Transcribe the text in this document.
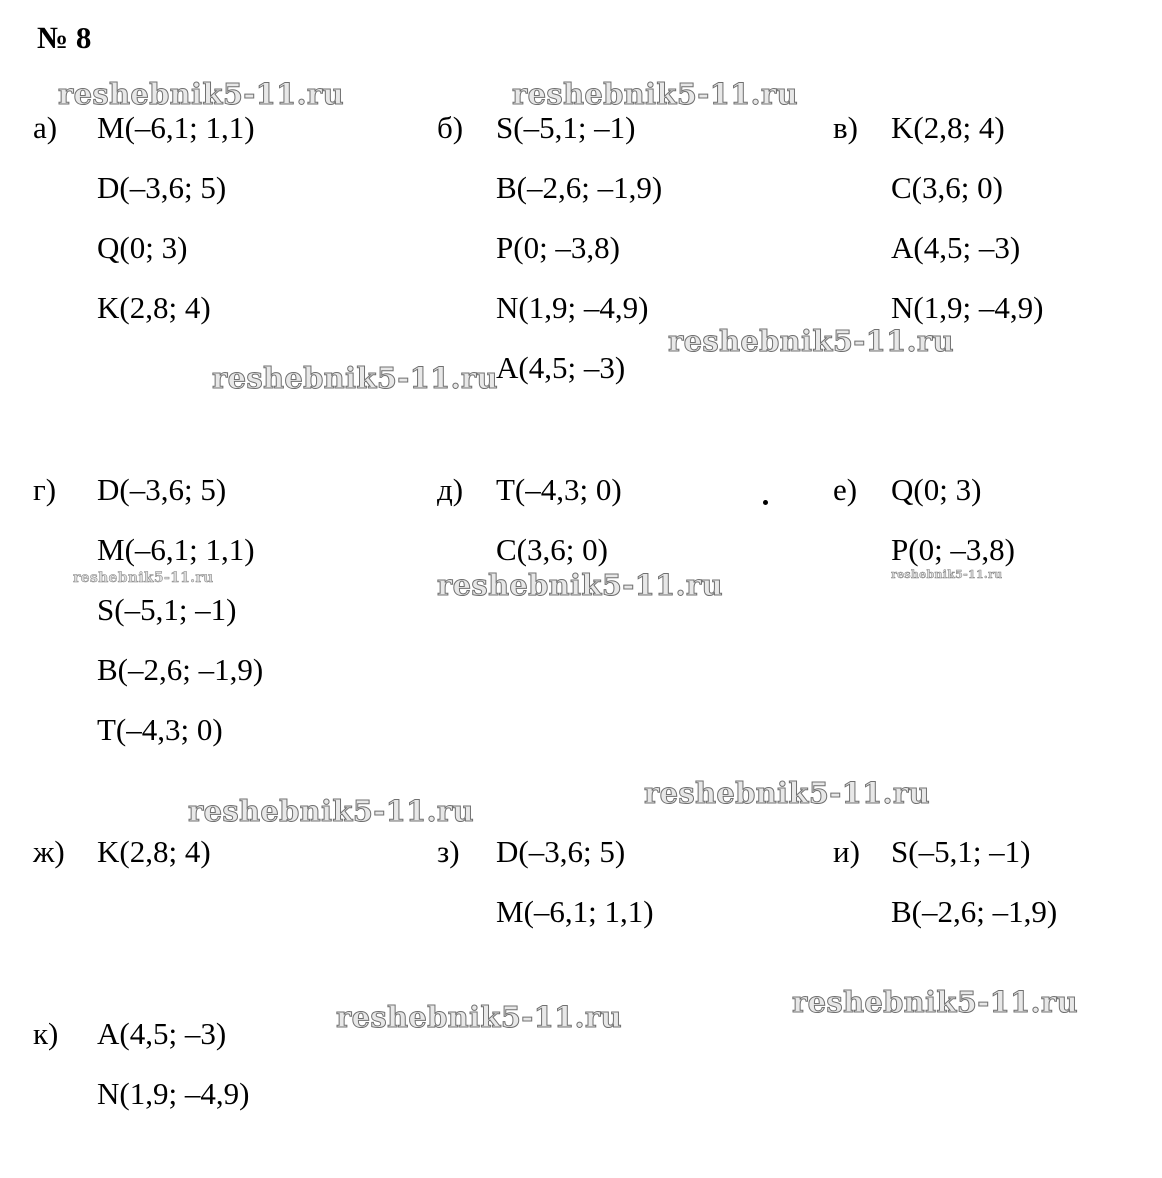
№ 8
reshebnik5-11.ru	reshebnik5-11.ru
reshebnik5-11.ru
reshebnik5-11.ru
reshebnik5-11.ru	reshebnik5-11.ru	reshebnik5-11.ru
reshebnik5-11.ru
reshebnik5-11.ru
reshebnik5-11.ru
reshebnik5-11.ru
а) M(–6,1; 1,1)
D(–3,6; 5)
Q(0; 3)
K(2,8; 4)
б) S(–5,1; –1)
B(–2,6; –1,9)
P(0; –3,8)
N(1,9; –4,9)
A(4,5; –3)
в) K(2,8; 4)
C(3,6; 0)
A(4,5; –3)
N(1,9; –4,9)
г) D(–3,6; 5)
M(–6,1; 1,1)
S(–5,1; –1)
B(–2,6; –1,9)
T(–4,3; 0)
д) T(–4,3; 0)
C(3,6; 0)
е) Q(0; 3)
P(0; –3,8)
ж) K(2,8; 4)	з) D(–3,6; 5)
M(–6,1; 1,1)
и) S(–5,1; –1)
B(–2,6; –1,9)
к) A(4,5; –3)
N(1,9; –4,9)
